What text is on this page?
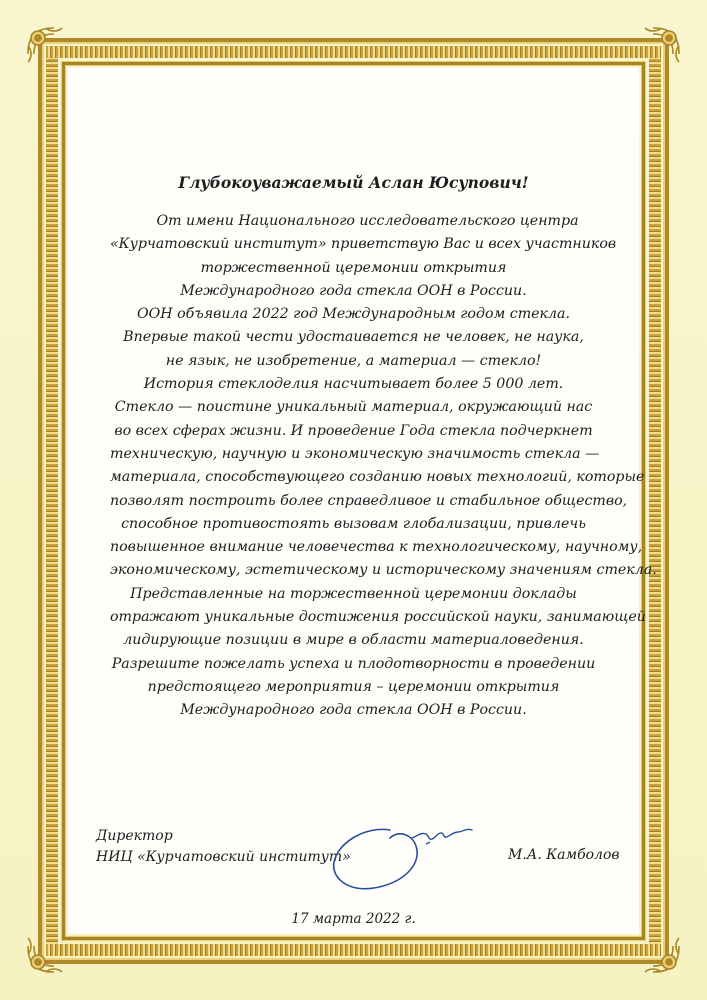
Глубокоуважаемый Аслан Юсупович!
От имени Национального исследовательского центра
«Курчатовский институт» приветствую Вас и всех участников
торжественной церемонии открытия
Международного года стекла ООН в России.
ООН объявила 2022 год Международным годом стекла.
Впервые такой чести удостаивается не человек, не наука,
не язык, не изобретение, а материал — стекло!
История стеклоделия насчитывает более 5 000 лет.
Стекло — поистине уникальный материал, окружающий нас
во всех сферах жизни. И проведение Года стекла подчеркнет
техническую, научную и экономическую значимость стекла —
материала, способствующего созданию новых технологий, которые
позволят построить более справедливое и стабильное общество,
способное противостоять вызовам глобализации, привлечь
повышенное внимание человечества к технологическому, научному,
экономическому, эстетическому и историческому значениям стекла.
Представленные на торжественной церемонии доклады
отражают уникальные достижения российской науки, занимающей
лидирующие позиции в мире в области материаловедения.
Разрешите пожелать успеха и плодотворности в проведении
предстоящего мероприятия – церемонии открытия
Международного года стекла ООН в России.
Директор
НИЦ «Курчатовский институт»	М.А. Камболов
17 марта 2022 г.
